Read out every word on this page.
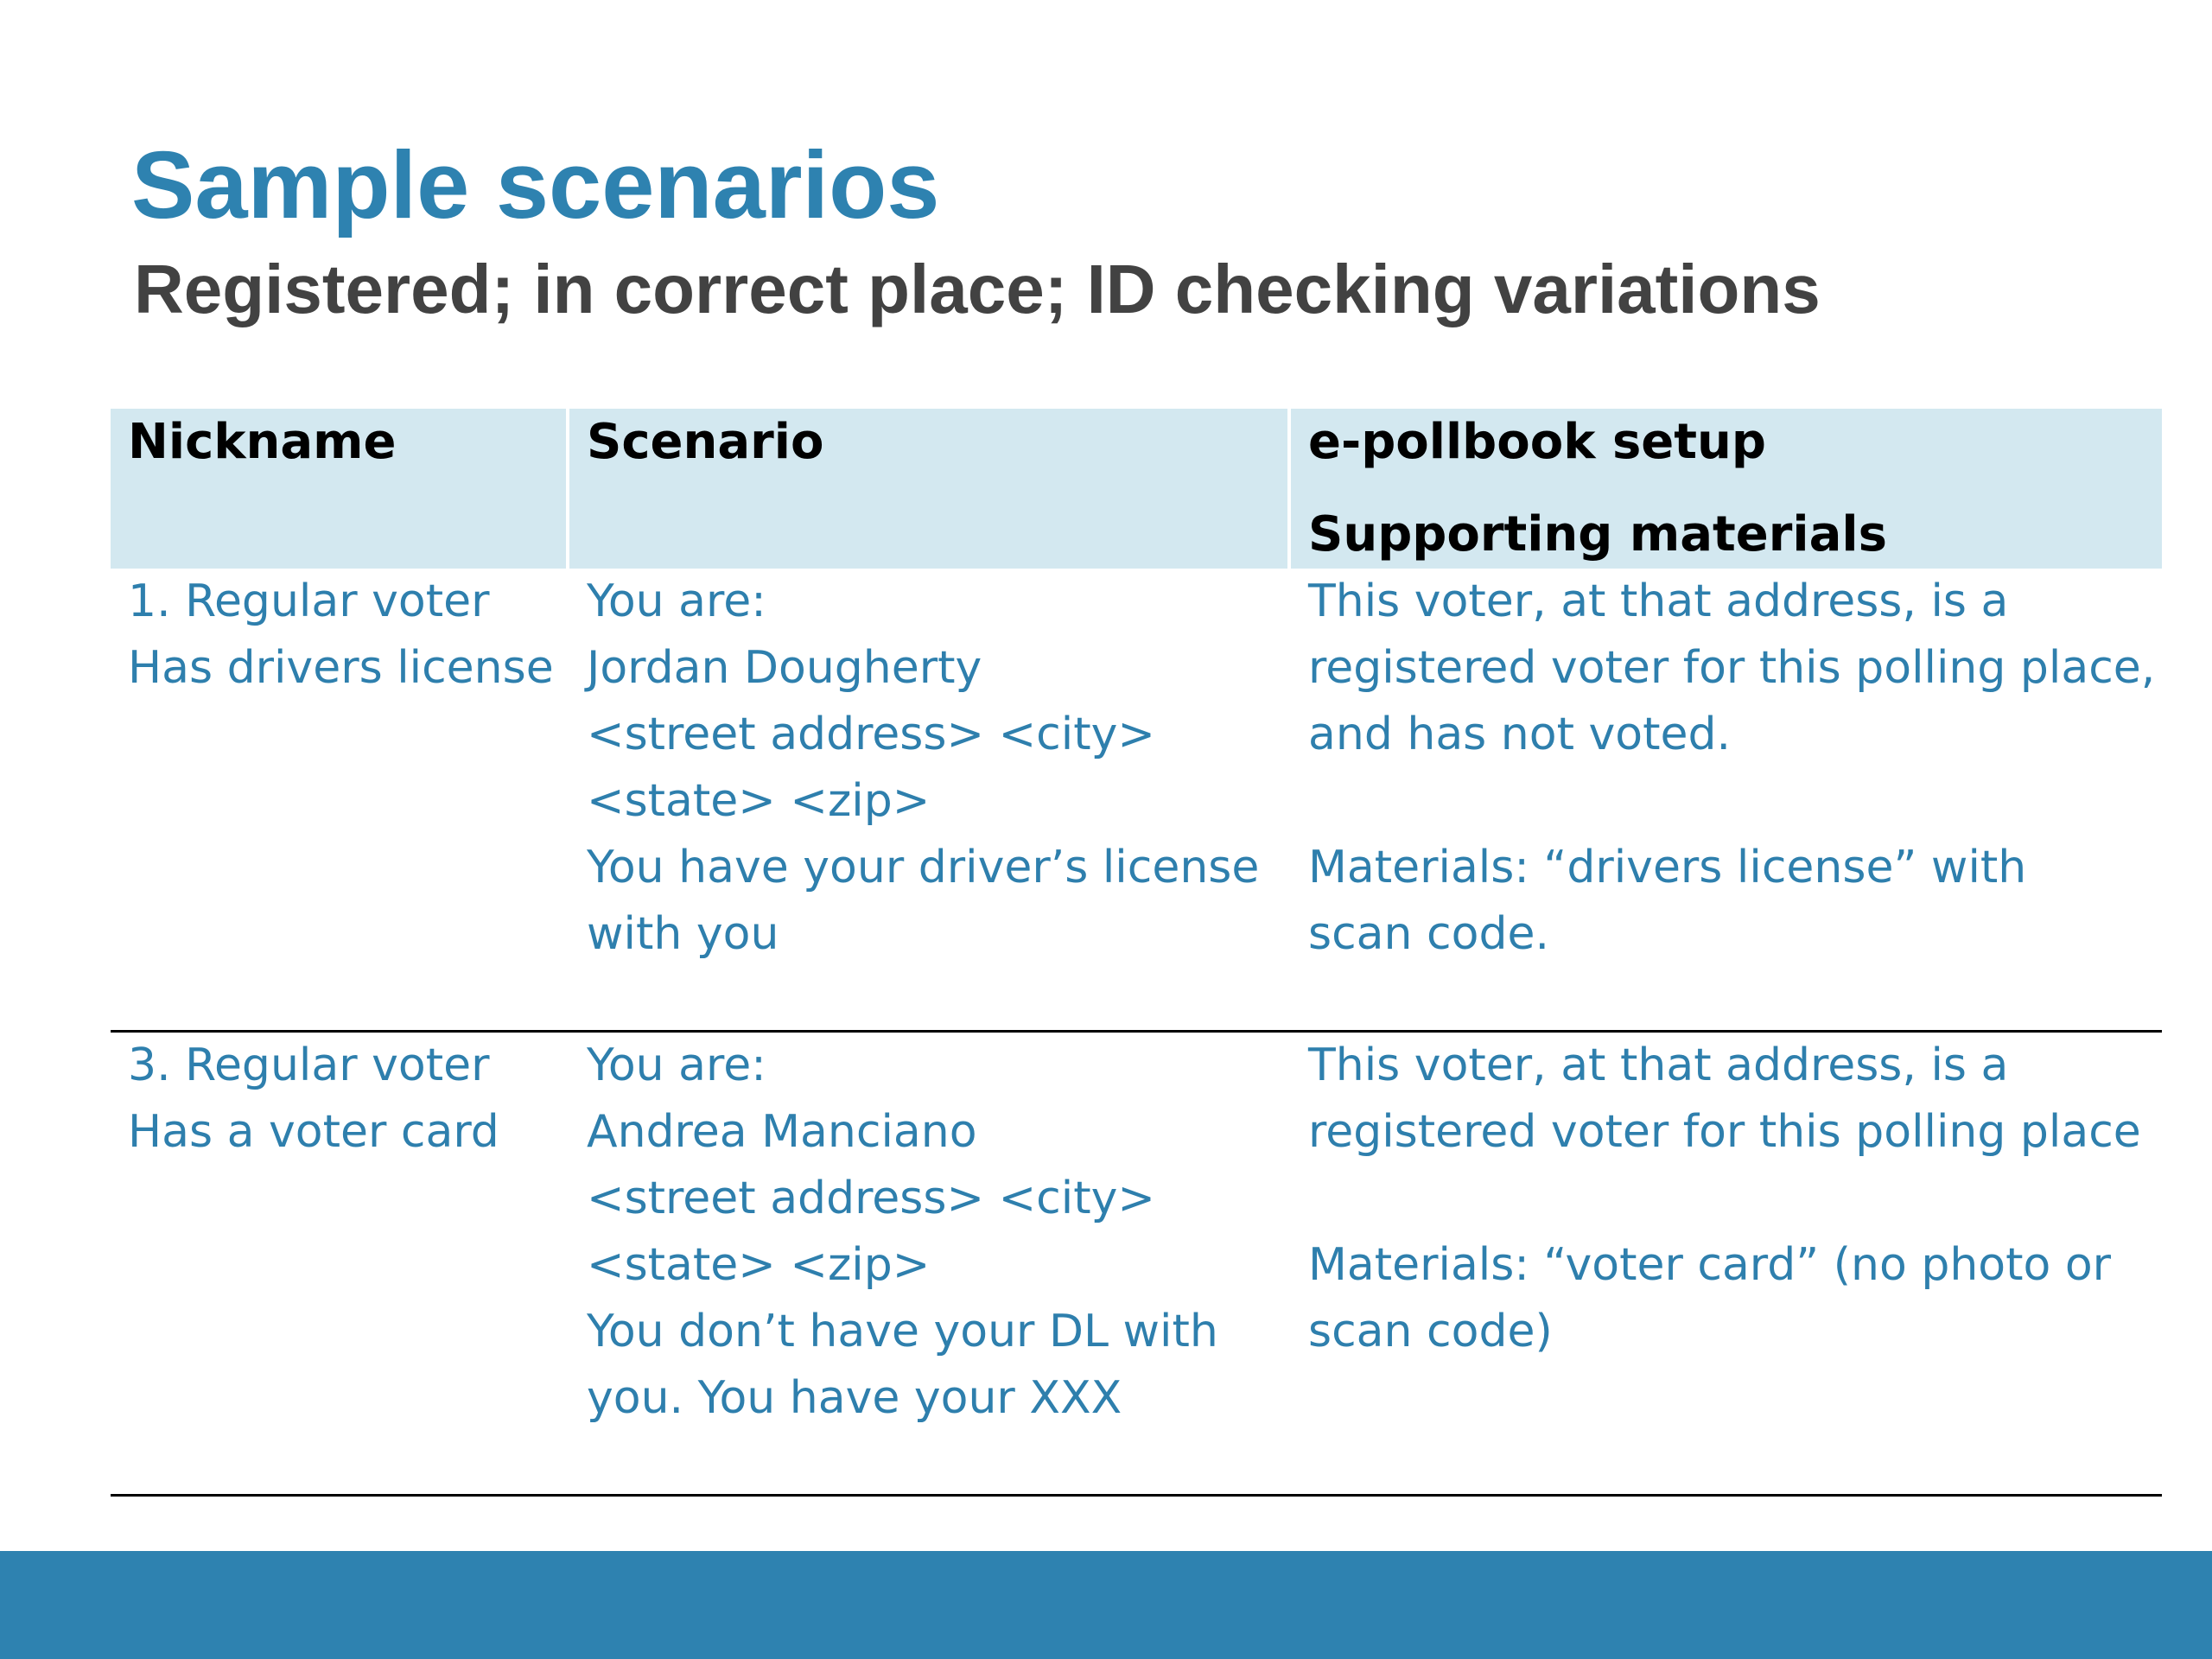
Sample scenarios
Registered; in correct place; ID checking variations
Nickname	Scenario	e-pollbook setup
Supporting materials
1. Regular voter
Has drivers license
You are:
Jordan Dougherty
<street address> <city>
<state> <zip>
You have your driver’s license
with you
This voter, at that address, is a
registered voter for this polling place,
and has not voted.
Materials: “drivers license” with
scan code.
3. Regular voter
Has a voter card
You are:
Andrea Manciano
<street address> <city>
<state> <zip>
You don’t have your DL with
you. You have your XXX
This voter, at that address, is a
registered voter for this polling place
Materials: “voter card” (no photo or
scan code)
